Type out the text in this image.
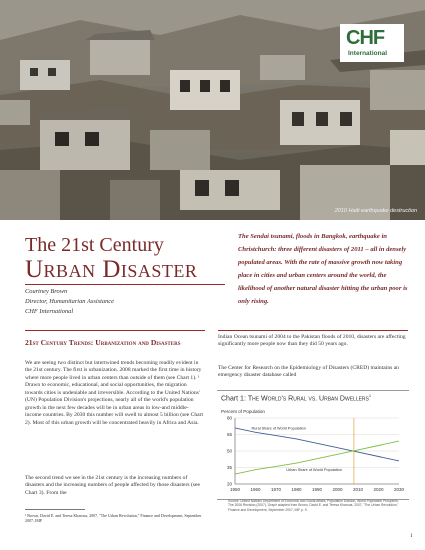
2010 Haiti earthquake destruction
CHF
International
The 21st Century
Urban Disaster
Courtney Brown
Director, Humanitarian Assistance
CHF International
The Sendai tsunami, floods in Bangkok, earthquake in Christchurch: three different disasters of 2011 – all in densely populated areas. With the rate of massive growth now taking place in cities and urban centers around the world, the likelihood of another natural disaster hitting the urban poor is only rising.
21st Century Trends: Urbanization and Disasters
We are seeing two distinct but intertwined trends becoming readily evident in the 21st century. The first is urbanization. 2008 marked the first time in history where more people lived in urban centers than outside of them (see Chart 1). ¹ Drawn to economic, educational, and social opportunities, the migration towards cities is undeniable and irreversible. According to the United Nations' (UN) Population Division's projections, nearly all of the world's population growth in the next few decades will be in urban areas in low-and middle-income countries. By 2030 this number will swell to almost 5 billion (see Chart 2). Most of this urban growth will be concentrated heavily in Africa and Asia.
The second trend we see in the 21st century is the increasing numbers of disasters and the increasing numbers of people affected by those disasters (see Chart 3). From the
¹ Brown, David E. and Teresa Kharoua, 2007, "The Urban Revolution," Finance and Development, September 2007, IMF
Indian Ocean tsunami of 2004 to the Pakistan floods of 2010, disasters are affecting significantly more people now than they did 50 years ago.
The Center for Research on the Epidemiology of Disasters (CRED) maintains an emergency disaster database called
Chart 1: The World's Rural vs. Urban Dwellers$^1$
Percent of Population
20
35
50
65
80
1950 1960 1970 1980 1990 2000 2010 2020 2030
Rural Share of World Population
Urban Share of World Population
Source: United Nations Department of Economic and Social Affairs, Population Division, World Population Prospects: The 2006 Revision (2007). Graph adapted from Brown, David E. and Teresa Kharoua, 2007, "The Urban Revolution," Finance and Development, September 2007, IMF p. 9.
1
